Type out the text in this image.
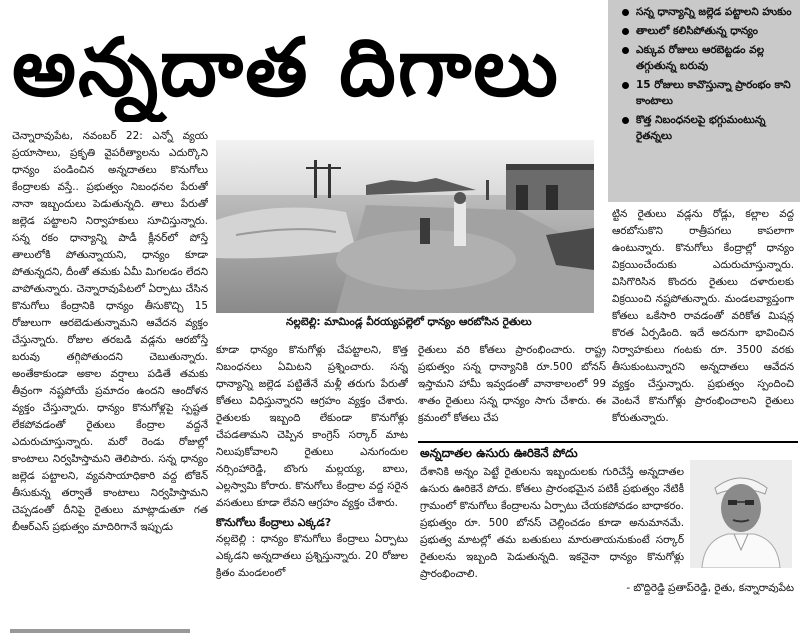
అన్నదాత దిగాలు
సన్న ధాన్యాన్ని జల్లెడ పట్టాలని హుకుం
తాలులో కలిసిపోతున్న ధాన్యం
ఎక్కువ రోజులు ఆరబెట్టడం వల్ల తగ్గుతున్న బరువు
15 రోజులు కావొస్తున్నా ప్రారంభం కాని కాంటాలు
కొత్త నిబంధనలపై భగ్గుమంటున్న రైతన్నలు

చెన్నారావుపేట, నవంబర్ 22: ఎన్నో వ్యయ ప్రయాసాలు, ప్రకృతి వైపరీత్యాలను ఎదుర్కొని ధాన్యం పండించిన అన్నదాతలు కొనుగోలు కేంద్రాలకు వస్తే.. ప్రభుత్వం నిబంధనల పేరుతో నానా ఇబ్బందులు పెడుతున్నది. తాలు పేరుతో జల్లెడ పట్టాలని నిర్వాహకులు సూచిస్తున్నారు. సన్న రకం ధాన్యాన్ని పాడీ క్లీనర్‌లో పోస్తే తాలులోకి పోతున్నాయని, ధాన్యం కూడా పోతున్నదని, దీంతో తమకు ఏమీ మిగలడం లేదని వాపోతున్నారు. చెన్నారావుపేటలో ఏర్పాటు చేసిన కొనుగోలు కేంద్రానికి ధాన్యం తీసుకొచ్చి 15 రోజులుగా ఆరబెడుతున్నామని ఆవేదన వ్యక్తం చేస్తున్నారు. రోజుల తరబడి వడ్లను ఆరబోస్తే బరువు తగ్గిపోతుందని చెబుతున్నారు. అంతేకాకుండా అకాల వర్షాలు పడితే తమకు తీవ్రంగా నష్టపోయే ప్రమాదం ఉందని ఆందోళన వ్యక్తం చేస్తున్నారు. ధాన్యం కొనుగోళ్లపై స్పష్టత లేకపోవడంతో రైతులు కేంద్రాల వద్దనే ఎదురుచూస్తున్నారు. మరో రెండు రోజుల్లో కాంటాలు నిర్వహిస్తామని తెలిపారు. సన్న ధాన్యం జల్లెడ పట్టాలని, వ్యవసాయాధికారి వద్ద టోకెన్ తీసుకున్న తర్వాతే కాంటాలు నిర్వహిస్తామని చెప్పడంతో దీనిపై రైతులు మాట్లాడుతూ గత బీఆర్ఎస్ ప్రభుత్వం మాదిరిగానే ఇప్పుడు

నల్లబెల్లి: మామిండ్ల వీరయ్యపల్లెలో ధాన్యం ఆరబోసిన రైతులు

కూడా ధాన్యం కొనుగోళ్లు చేపట్టాలని, కొత్త నిబంధనలు ఏమిటని ప్రశ్నించారు. సన్న ధాన్యాన్ని జల్లెడ పట్టితేనే మళ్లీ తరుగు పేరుతో కోతలు విధిస్తున్నారని ఆగ్రహం వ్యక్తం చేశారు. రైతులకు ఇబ్బంది లేకుండా కొనుగోళ్లు చేపడతామని చెప్పిన కాంగ్రెస్ సర్కార్ మాట నిలుపుకోవాలని రైతులు ఎనుగందుల నర్సింహారెడ్డి, బొంగు మల్లయ్య, బాలు, ఎల్లస్వామి కోరారు. కొనుగోలు కేంద్రాల వద్ద సరైన వసతులు కూడా లేవని ఆగ్రహం వ్యక్తం చేశారు.

కొనుగోలు కేంద్రాలు ఎక్కడ?

నల్లబెల్లి : ధాన్యం కొనుగోలు కేంద్రాలు ఏర్పాటు ఎక్కడని అన్నదాతలు ప్రశ్నిస్తున్నారు. 20 రోజుల క్రితం మండలంలో

రైతులు వరి కోతలు ప్రారంభించారు. రాష్ట్ర ప్రభుత్వం సన్న ధాన్యానికి రూ.500 బోనస్ ఇస్తామని హామీ ఇవ్వడంతో వానాకాలంలో 99 శాతం రైతులు సన్న ధాన్యం సాగు చేశారు. ఈ క్రమంలో కోతలు చేప

ట్టిన రైతులు వడ్లను రోడ్లు, కల్లాల వద్ద ఆరబోసుకొని రాత్రీపగలు కాపలాగా ఉంటున్నారు. కొనుగోలు కేంద్రాల్లో ధాన్యం విక్రయించేందుకు ఎదురుచూస్తున్నారు. విసిగొరిసిన కొందరు రైతులు దళారులకు విక్రయించి నష్టపోతున్నారు. మండలవ్యాప్తంగా కోతలు ఒకేసారి రావడంతో వరికోత మిషన్ల కొరత ఏర్పడింది. ఇదే అదనుగా భావించిన నిర్వాహకులు గంటకు రూ. 3500 వరకు తీసుకుంటున్నారని అన్నదాతలు ఆవేదన వ్యక్తం చేస్తున్నారు. ప్రభుత్వం స్పందించి వెంటనే కొనుగోళ్లు ప్రారంభించాలని రైతులు కోరుతున్నారు.

అన్నదాతల ఉసురు ఊరికెనే పోదు

దేశానికి అన్నం పెట్టే రైతులను ఇబ్బందులకు గురిచేస్తే అన్నదాతల ఉసురు ఊరికెనే పోదు. కోతలు ప్రారంభమైన పటికీ ప్రభుత్వం నేటికీ గ్రామంలో కొనుగోలు కేంద్రాలను ఏర్పాటు చేయకపోవడం బాధాకరం. ప్రభుత్వం రూ. 500 బోనస్ చెల్లించడం కూడా అనుమానమే. ప్రభుత్వ మాటల్లో తమ బతుకులు మారుతాయనుకుంటే సర్కార్ రైతులను ఇబ్బంది పెడుతున్నది. ఇకనైనా ధాన్యం కొనుగోళ్లు ప్రారంభించాలి.

- బొద్దిరెడ్డి ప్రతాప్‌రెడ్డి, రైతు, కన్నారావుపేట
